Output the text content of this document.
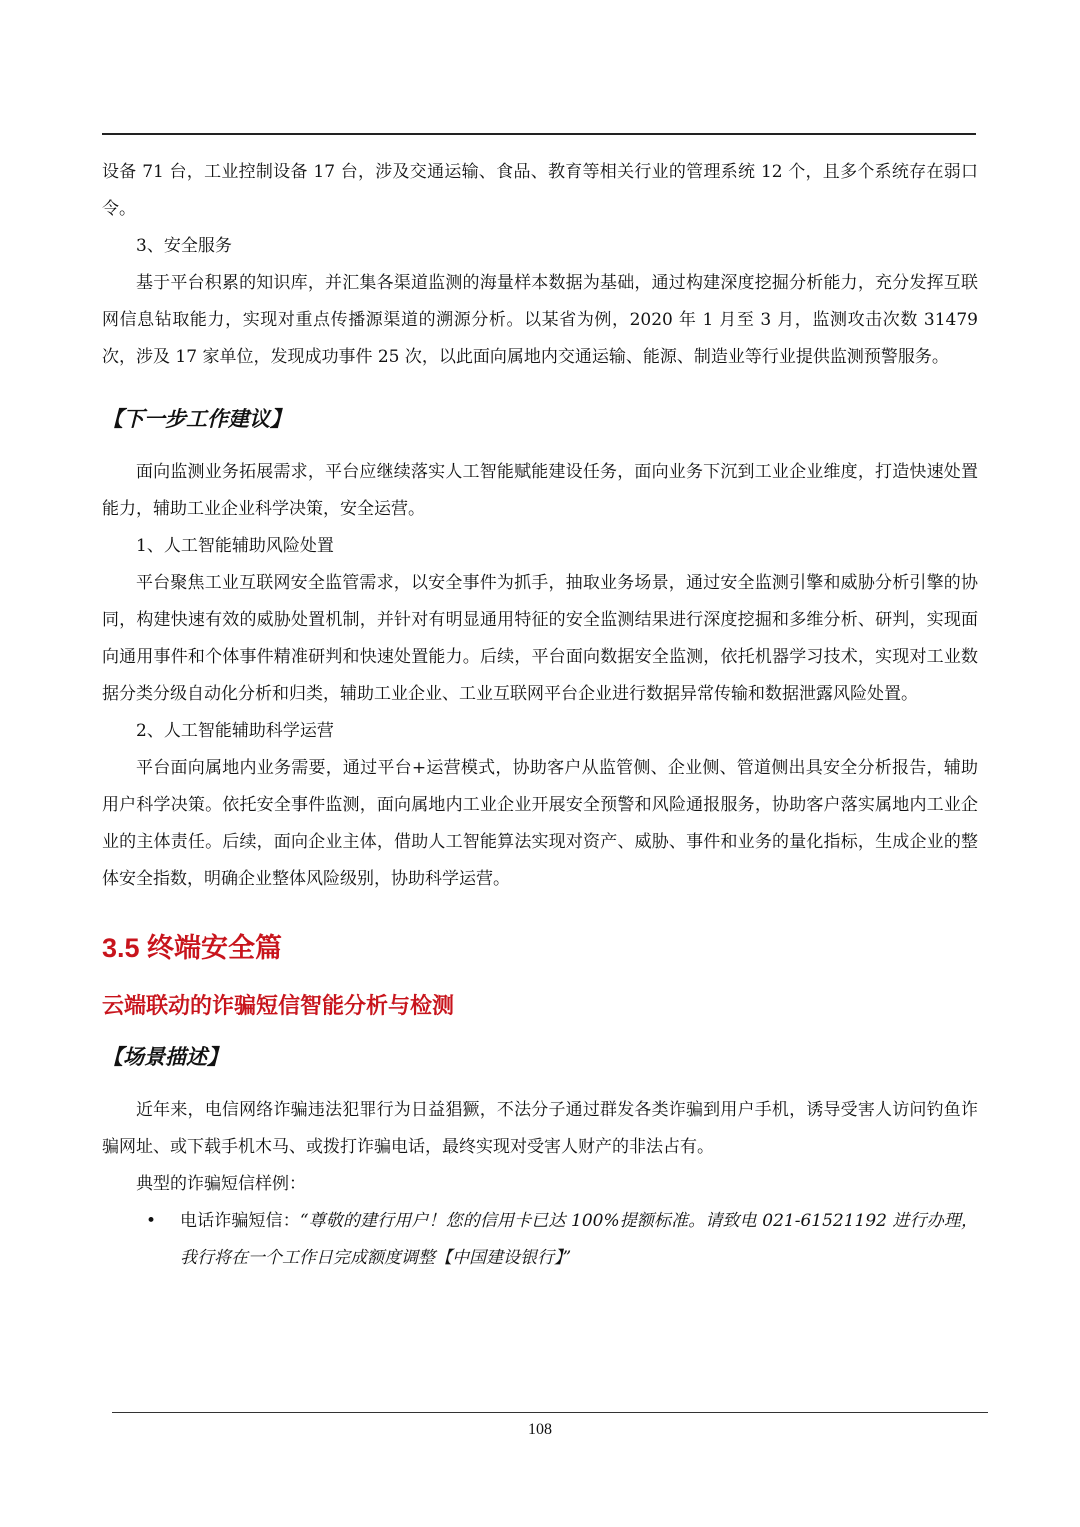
设备 71 台，工业控制设备 17 台，涉及交通运输、食品、教育等相关行业的管理系统 12 个，且多个系统存在弱口令。

3、安全服务

基于平台积累的知识库，并汇集各渠道监测的海量样本数据为基础，通过构建深度挖掘分析能力，充分发挥互联网信息钻取能力，实现对重点传播源渠道的溯源分析。以某省为例，2020 年 1 月至 3 月，监测攻击次数 31479 次，涉及 17 家单位，发现成功事件 25 次，以此面向属地内交通运输、能源、制造业等行业提供监测预警服务。

【下一步工作建议】

面向监测业务拓展需求，平台应继续落实人工智能赋能建设任务，面向业务下沉到工业企业维度，打造快速处置能力，辅助工业企业科学决策，安全运营。

1、人工智能辅助风险处置

平台聚焦工业互联网安全监管需求，以安全事件为抓手，抽取业务场景，通过安全监测引擎和威胁分析引擎的协同，构建快速有效的威胁处置机制，并针对有明显通用特征的安全监测结果进行深度挖掘和多维分析、研判，实现面向通用事件和个体事件精准研判和快速处置能力。后续，平台面向数据安全监测，依托机器学习技术，实现对工业数据分类分级自动化分析和归类，辅助工业企业、工业互联网平台企业进行数据异常传输和数据泄露风险处置。

2、人工智能辅助科学运营

平台面向属地内业务需要，通过平台+运营模式，协助客户从监管侧、企业侧、管道侧出具安全分析报告，辅助用户科学决策。依托安全事件监测，面向属地内工业企业开展安全预警和风险通报服务，协助客户落实属地内工业企业的主体责任。后续，面向企业主体，借助人工智能算法实现对资产、威胁、事件和业务的量化指标，生成企业的整体安全指数，明确企业整体风险级别，协助科学运营。

3.5 终端安全篇
云端联动的诈骗短信智能分析与检测

【场景描述】

近年来，电信网络诈骗违法犯罪行为日益猖獗，不法分子通过群发各类诈骗到用户手机，诱导受害人访问钓鱼诈骗网址、或下载手机木马、或拨打诈骗电话，最终实现对受害人财产的非法占有。

典型的诈骗短信样例：

• 电话诈骗短信：“尊敬的建行用户！您的信用卡已达 100%提额标准。请致电 021-61521192 进行办理，我行将在一个工作日完成额度调整【中国建设银行】”
108
